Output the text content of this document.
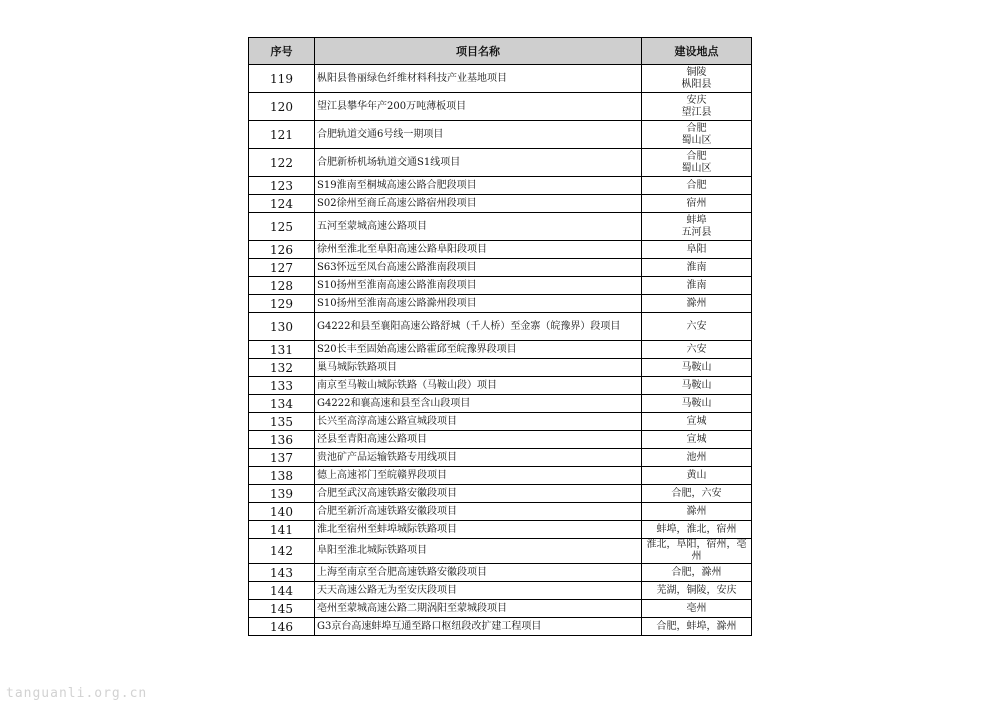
序号	项目名称	建设地点
119	枞阳县鲁丽绿色纤维材料科技产业基地项目	铜陵
枞阳县

120	望江县攀华年产200万吨薄板项目	安庆
望江县

121	合肥轨道交通6号线一期项目	合肥
蜀山区

122	合肥新桥机场轨道交通S1线项目	合肥
蜀山区

123	S19淮南至桐城高速公路合肥段项目	合肥

124	S02徐州至商丘高速公路宿州段项目	宿州

125	五河至蒙城高速公路项目	蚌埠
五河县

126	徐州至淮北至阜阳高速公路阜阳段项目	阜阳

127	S63怀远至凤台高速公路淮南段项目	淮南

128	S10扬州至淮南高速公路淮南段项目	淮南

129	S10扬州至淮南高速公路滁州段项目	滁州

130	G4222和县至襄阳高速公路舒城（千人桥）至金寨（皖豫界）段项目	六安

131	S20长丰至固始高速公路霍邱至皖豫界段项目	六安

132	巢马城际铁路项目	马鞍山

133	南京至马鞍山城际铁路（马鞍山段）项目	马鞍山

134	G4222和襄高速和县至含山段项目	马鞍山

135	长兴至高淳高速公路宣城段项目	宣城

136	泾县至青阳高速公路项目	宣城

137	贵池矿产品运输铁路专用线项目	池州

138	德上高速祁门至皖赣界段项目	黄山

139	合肥至武汉高速铁路安徽段项目	合肥，六安

140	合肥至新沂高速铁路安徽段项目	滁州

141	淮北至宿州至蚌埠城际铁路项目	蚌埠，淮北，宿州

142	阜阳至淮北城际铁路项目	淮北，阜阳，宿州，亳州

143	上海至南京至合肥高速铁路安徽段项目	合肥，滁州

144	天天高速公路无为至安庆段项目	芜湖，铜陵，安庆

145	亳州至蒙城高速公路二期涡阳至蒙城段项目	亳州

146	G3京台高速蚌埠互通至路口枢纽段改扩建工程项目	合肥，蚌埠，滁州
tanguanli.org.cn
